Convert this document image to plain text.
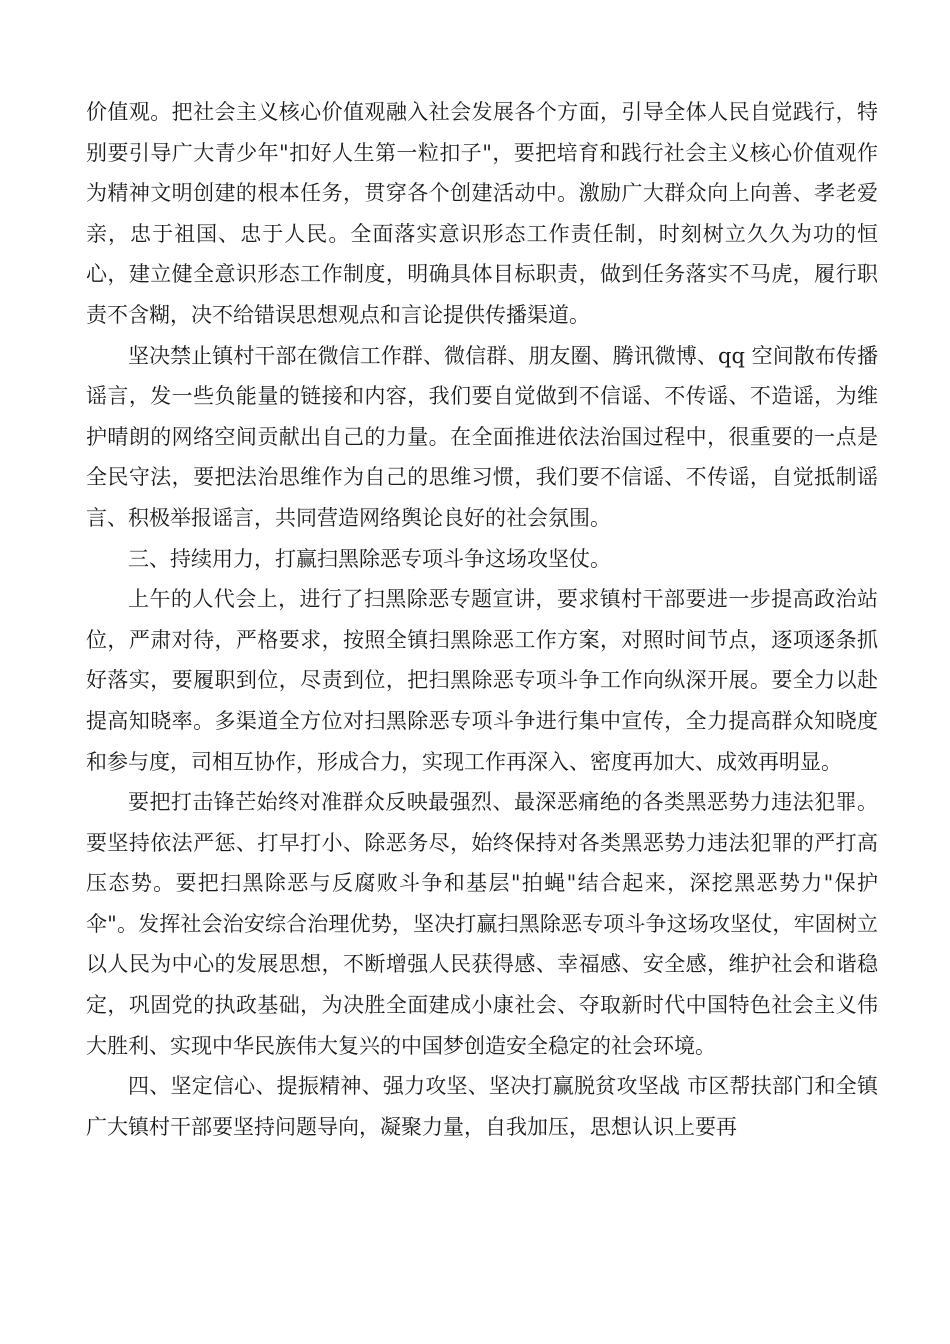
价值观。把社会主义核心价值观融入社会发展各个方面，引导全体人民自觉践行，特别要引导广大青少年"扣好人生第一粒扣子"，要把培育和践行社会主义核心价值观作为精神文明创建的根本任务，贯穿各个创建活动中。激励广大群众向上向善、孝老爱亲，忠于祖国、忠于人民。全面落实意识形态工作责任制，时刻树立久久为功的恒心，建立健全意识形态工作制度，明确具体目标职责，做到任务落实不马虎，履行职责不含糊，决不给错误思想观点和言论提供传播渠道。

坚决禁止镇村干部在微信工作群、微信群、朋友圈、腾讯微博、qq 空间散布传播谣言，发一些负能量的链接和内容，我们要自觉做到不信谣、不传谣、不造谣，为维护晴朗的网络空间贡献出自己的力量。在全面推进依法治国过程中，很重要的一点是全民守法，要把法治思维作为自己的思维习惯，我们要不信谣、不传谣，自觉抵制谣言、积极举报谣言，共同营造网络舆论良好的社会氛围。

三、持续用力，打赢扫黑除恶专项斗争这场攻坚仗。

上午的人代会上，进行了扫黑除恶专题宣讲，要求镇村干部要进一步提高政治站位，严肃对待，严格要求，按照全镇扫黑除恶工作方案，对照时间节点，逐项逐条抓好落实，要履职到位，尽责到位，把扫黑除恶专项斗争工作向纵深开展。要全力以赴提高知晓率。多渠道全方位对扫黑除恶专项斗争进行集中宣传，全力提高群众知晓度和参与度，司相互协作，形成合力，实现工作再深入、密度再加大、成效再明显。

要把打击锋芒始终对准群众反映最强烈、最深恶痛绝的各类黑恶势力违法犯罪。要坚持依法严惩、打早打小、除恶务尽，始终保持对各类黑恶势力违法犯罪的严打高压态势。要把扫黑除恶与反腐败斗争和基层"拍蝇"结合起来，深挖黑恶势力"保护伞"。发挥社会治安综合治理优势，坚决打赢扫黑除恶专项斗争这场攻坚仗，牢固树立以人民为中心的发展思想，不断增强人民获得感、幸福感、安全感，维护社会和谐稳定，巩固党的执政基础，为决胜全面建成小康社会、夺取新时代中国特色社会主义伟大胜利、实现中华民族伟大复兴的中国梦创造安全稳定的社会环境。

四、坚定信心、提振精神、强力攻坚、坚决打赢脱贫攻坚战 市区帮扶部门和全镇广大镇村干部要坚持问题导向，凝聚力量，自我加压，思想认识上要再
